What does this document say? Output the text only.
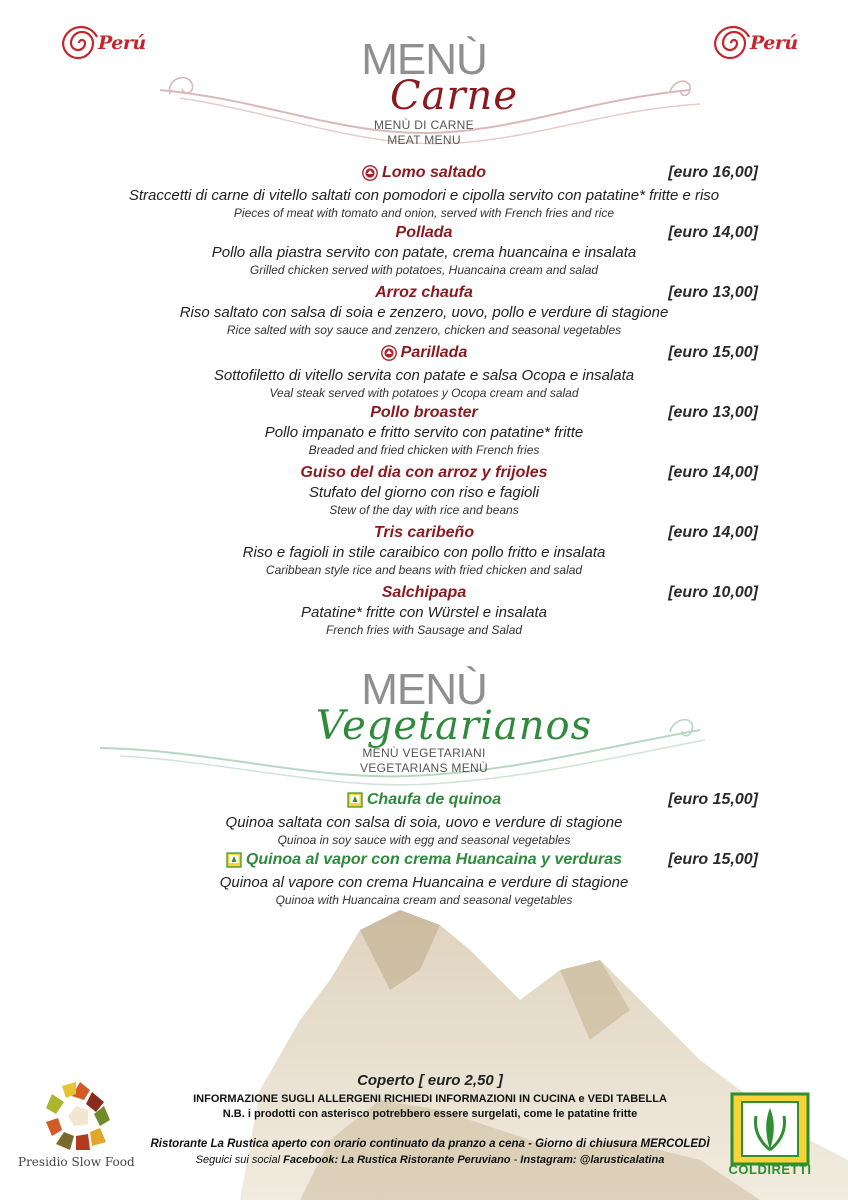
Perú	Perú
MENÙ
Carne
MENÙ DI CARNE
MEAT MENU
Lomo saltado
Straccetti di carne di vitello saltati con pomodori e cipolla servito con patatine* fritte e riso
Pieces of meat with tomato and onion, served with French fries and rice
[euro 16,00]
Pollada
Pollo alla piastra servito con patate, crema huancaina e insalata
Grilled chicken served with potatoes, Huancaina cream and salad
[euro 14,00]
Arroz chaufa
Riso saltato con salsa di soia e zenzero, uovo, pollo e verdure di stagione
Rice salted with soy sauce and zenzero, chicken and seasonal vegetables
[euro 13,00]
Parillada
Sottofiletto di vitello servita con patate e salsa Ocopa e insalata
Veal steak served with potatoes y Ocopa cream and salad
[euro 15,00]
Pollo broaster
Pollo impanato e fritto servito con patatine* fritte
Breaded and fried chicken with French fries
[euro 13,00]
Guiso del dia con arroz y frijoles
Stufato del giorno con riso e fagioli
Stew of the day with rice and beans
[euro 14,00]
Tris caribeño
Riso e fagioli in stile caraibico con pollo fritto e insalata
Caribbean style rice and beans with fried chicken and salad
[euro 14,00]
Salchipapa
Patatine* fritte con Würstel e insalata
French fries with Sausage and Salad
[euro 10,00]
MENÙ
Vegetarianos
MENÙ VEGETARIANI
VEGETARIANS MENÙ
Chaufa de quinoa
Quinoa saltata con salsa di soia, uovo e verdure di stagione
Quinoa in soy sauce with egg and seasonal vegetables
[euro 15,00]
Quinoa al vapor con crema Huancaina y verduras
Quinoa al vapore con crema Huancaina e verdure di stagione
Quinoa with Huancaina cream and seasonal vegetables
[euro 15,00]
Coperto [ euro 2,50 ]
INFORMAZIONE SUGLI ALLERGENI RICHIEDI INFORMAZIONI IN CUCINA e VEDI TABELLA
N.B. i prodotti con asterisco potrebbero essere surgelati, come le patatine fritte
Ristorante La Rustica aperto con orario continuato da pranzo a cena - Giorno di chiusura MERCOLEDÌ
Seguici sui social Facebook: La Rustica Ristorante Peruviano - Instagram: @larusticalatina
Presidio Slow Food	COLDIRETTI
